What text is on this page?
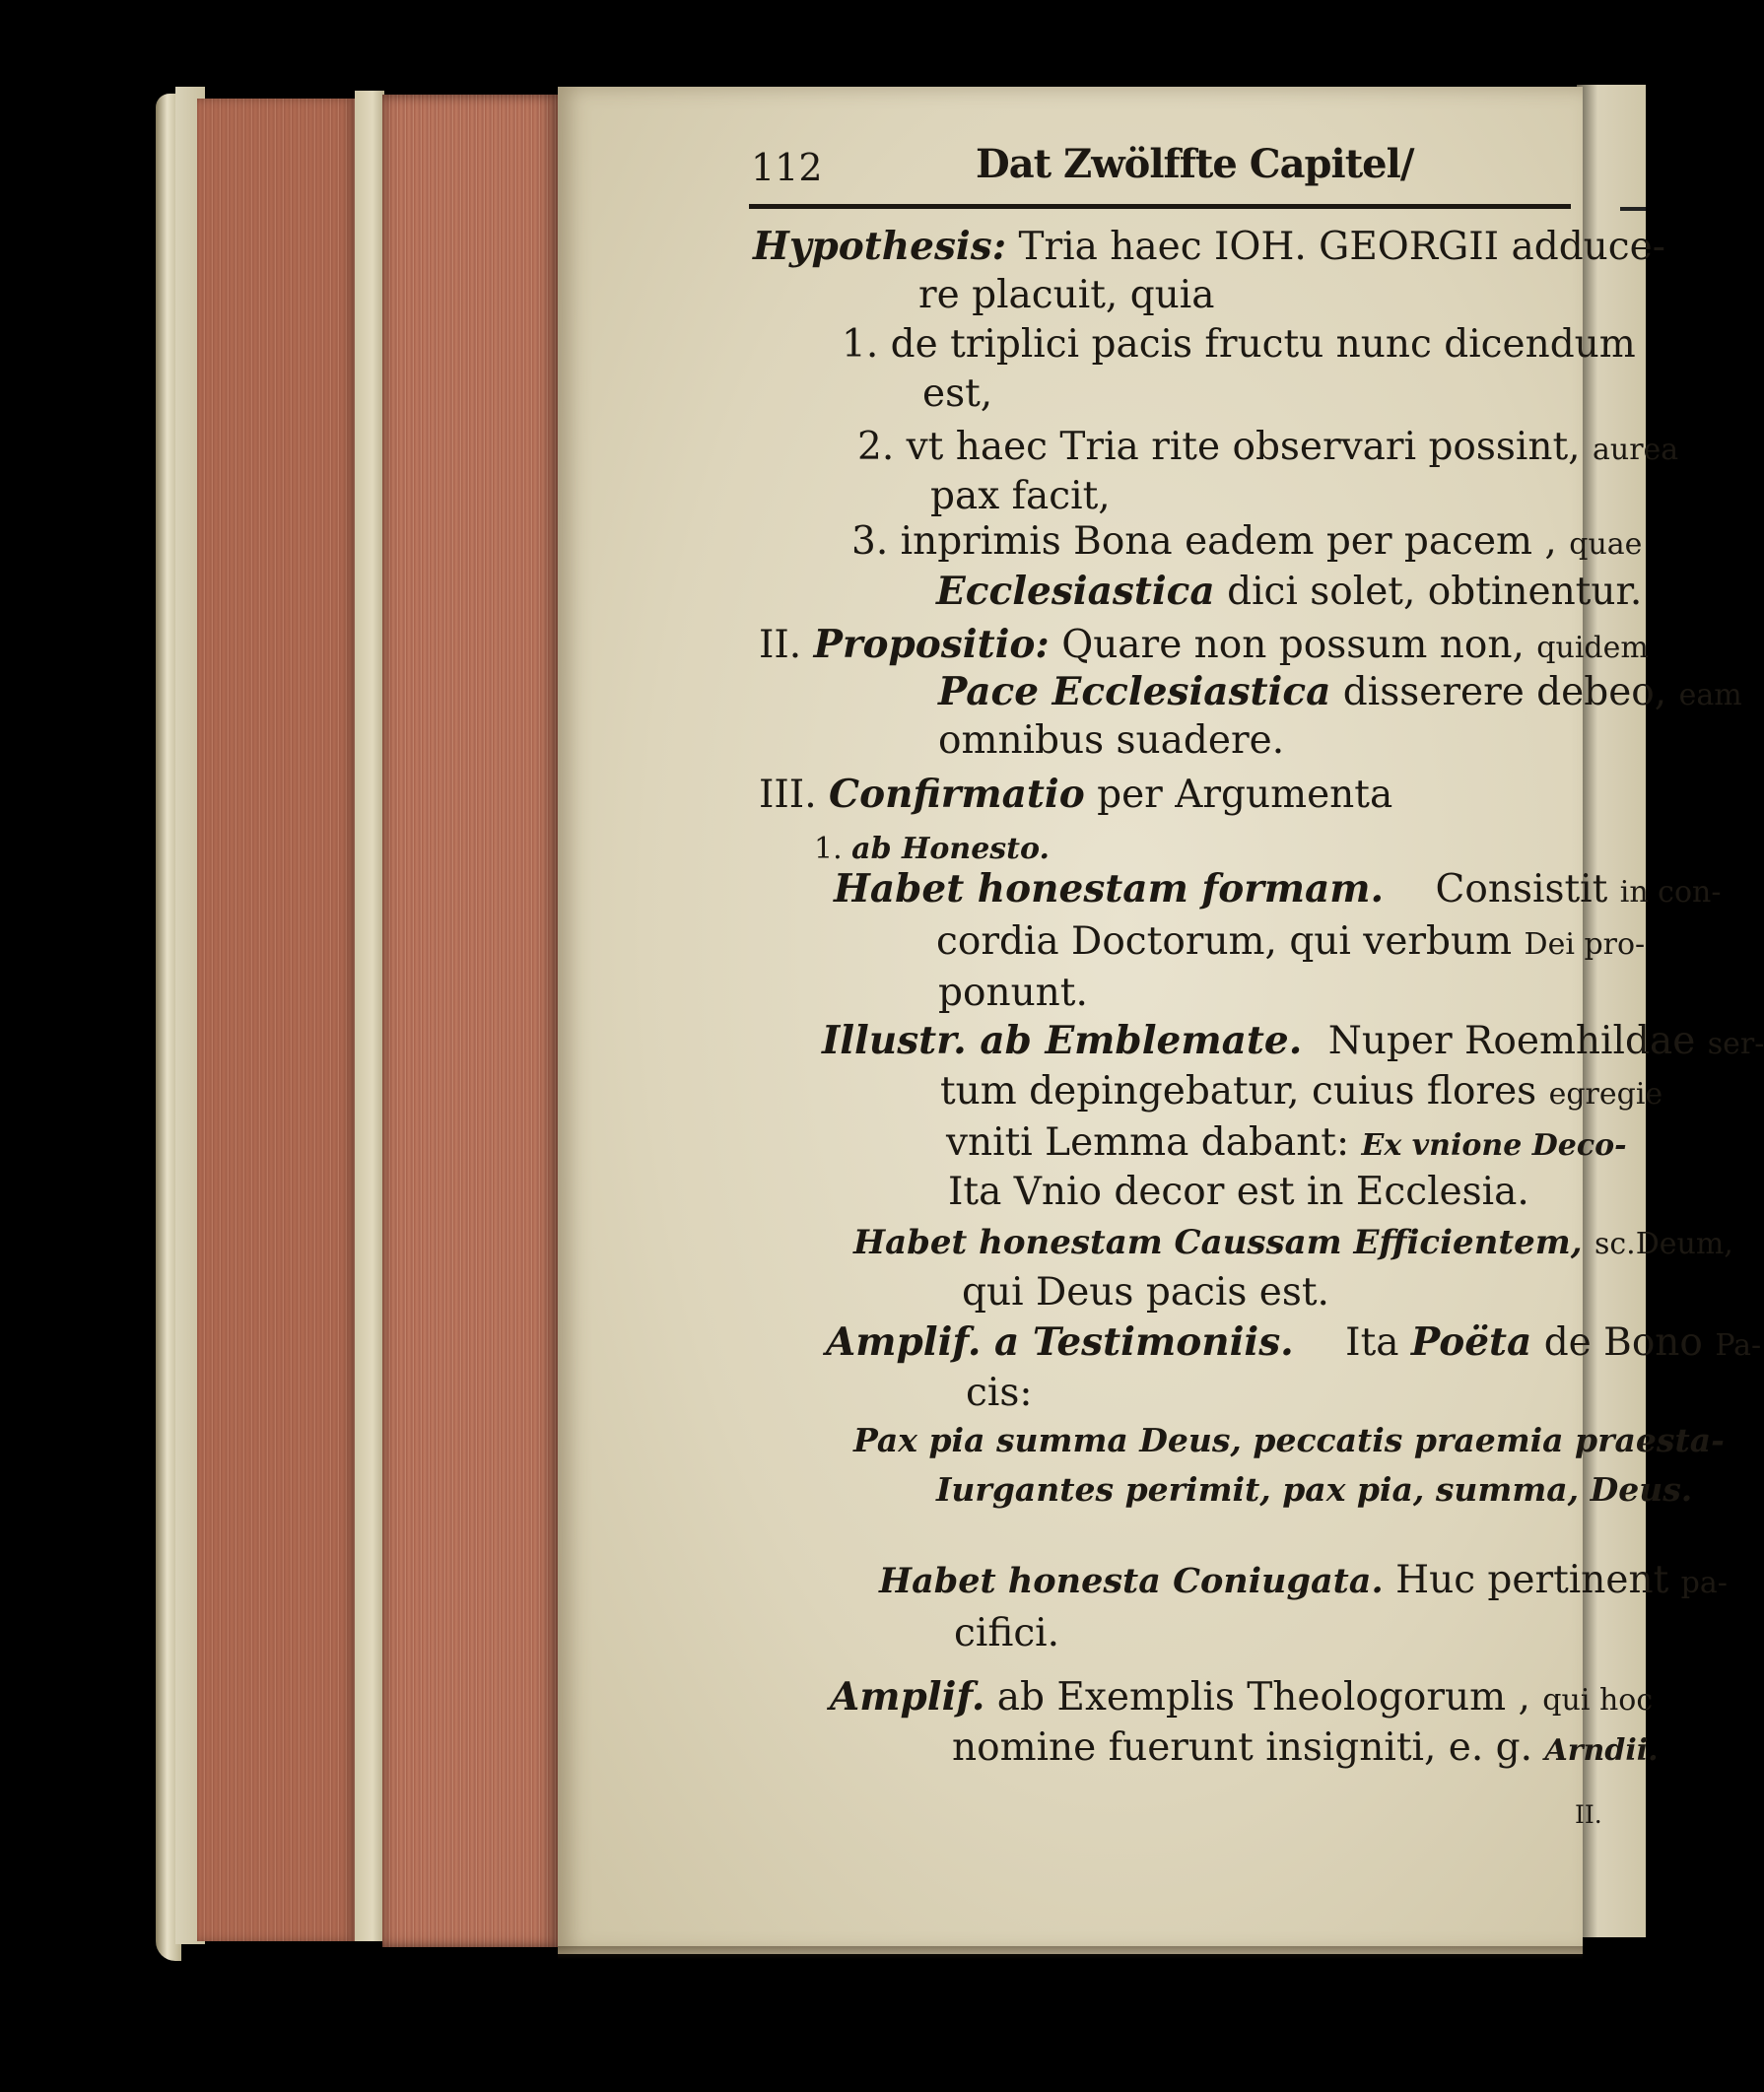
112	Dat Zwölffte Capitel/
Hypothesis: Tria haec IOH. GEORGII adduce-
re placuit, quia
1. de triplici pacis fructu nunc dicendum
est,
2. vt haec Tria rite observari possint, aurea
pax facit,
3. inprimis Bona eadem per pacem , quae
Ecclesiastica dici solet, obtinentur.
II. Propositio: Quare non possum non, quidem
Pace Ecclesiastica disserere debeo, eam
omnibus suadere.
III. Confirmatio per Argumenta
1. ab Honesto.
Habet honestam formam. Consistit in con-
cordia Doctorum, qui verbum Dei pro-
ponunt.
Illustr. ab Emblemate. Nuper Roemhildae ser-
tum depingebatur, cuius flores egregie
vniti Lemma dabant: Ex vnione Deco-
Ita Vnio decor est in Ecclesia.
Habet honestam Caussam Efficientem, sc.Deum,
qui Deus pacis est.
Amplif. a Testimoniis. Ita Poëta de Bono Pa-
cis:
Pax pia summa Deus, peccatis praemia praesta-
Iurgantes perimit, pax pia, summa, Deus.
Habet honesta Coniugata. Huc pertinent pa-
cifici.
Amplif. ab Exemplis Theologorum , qui hoc
nomine fuerunt insigniti, e. g. Arndii.
II.
